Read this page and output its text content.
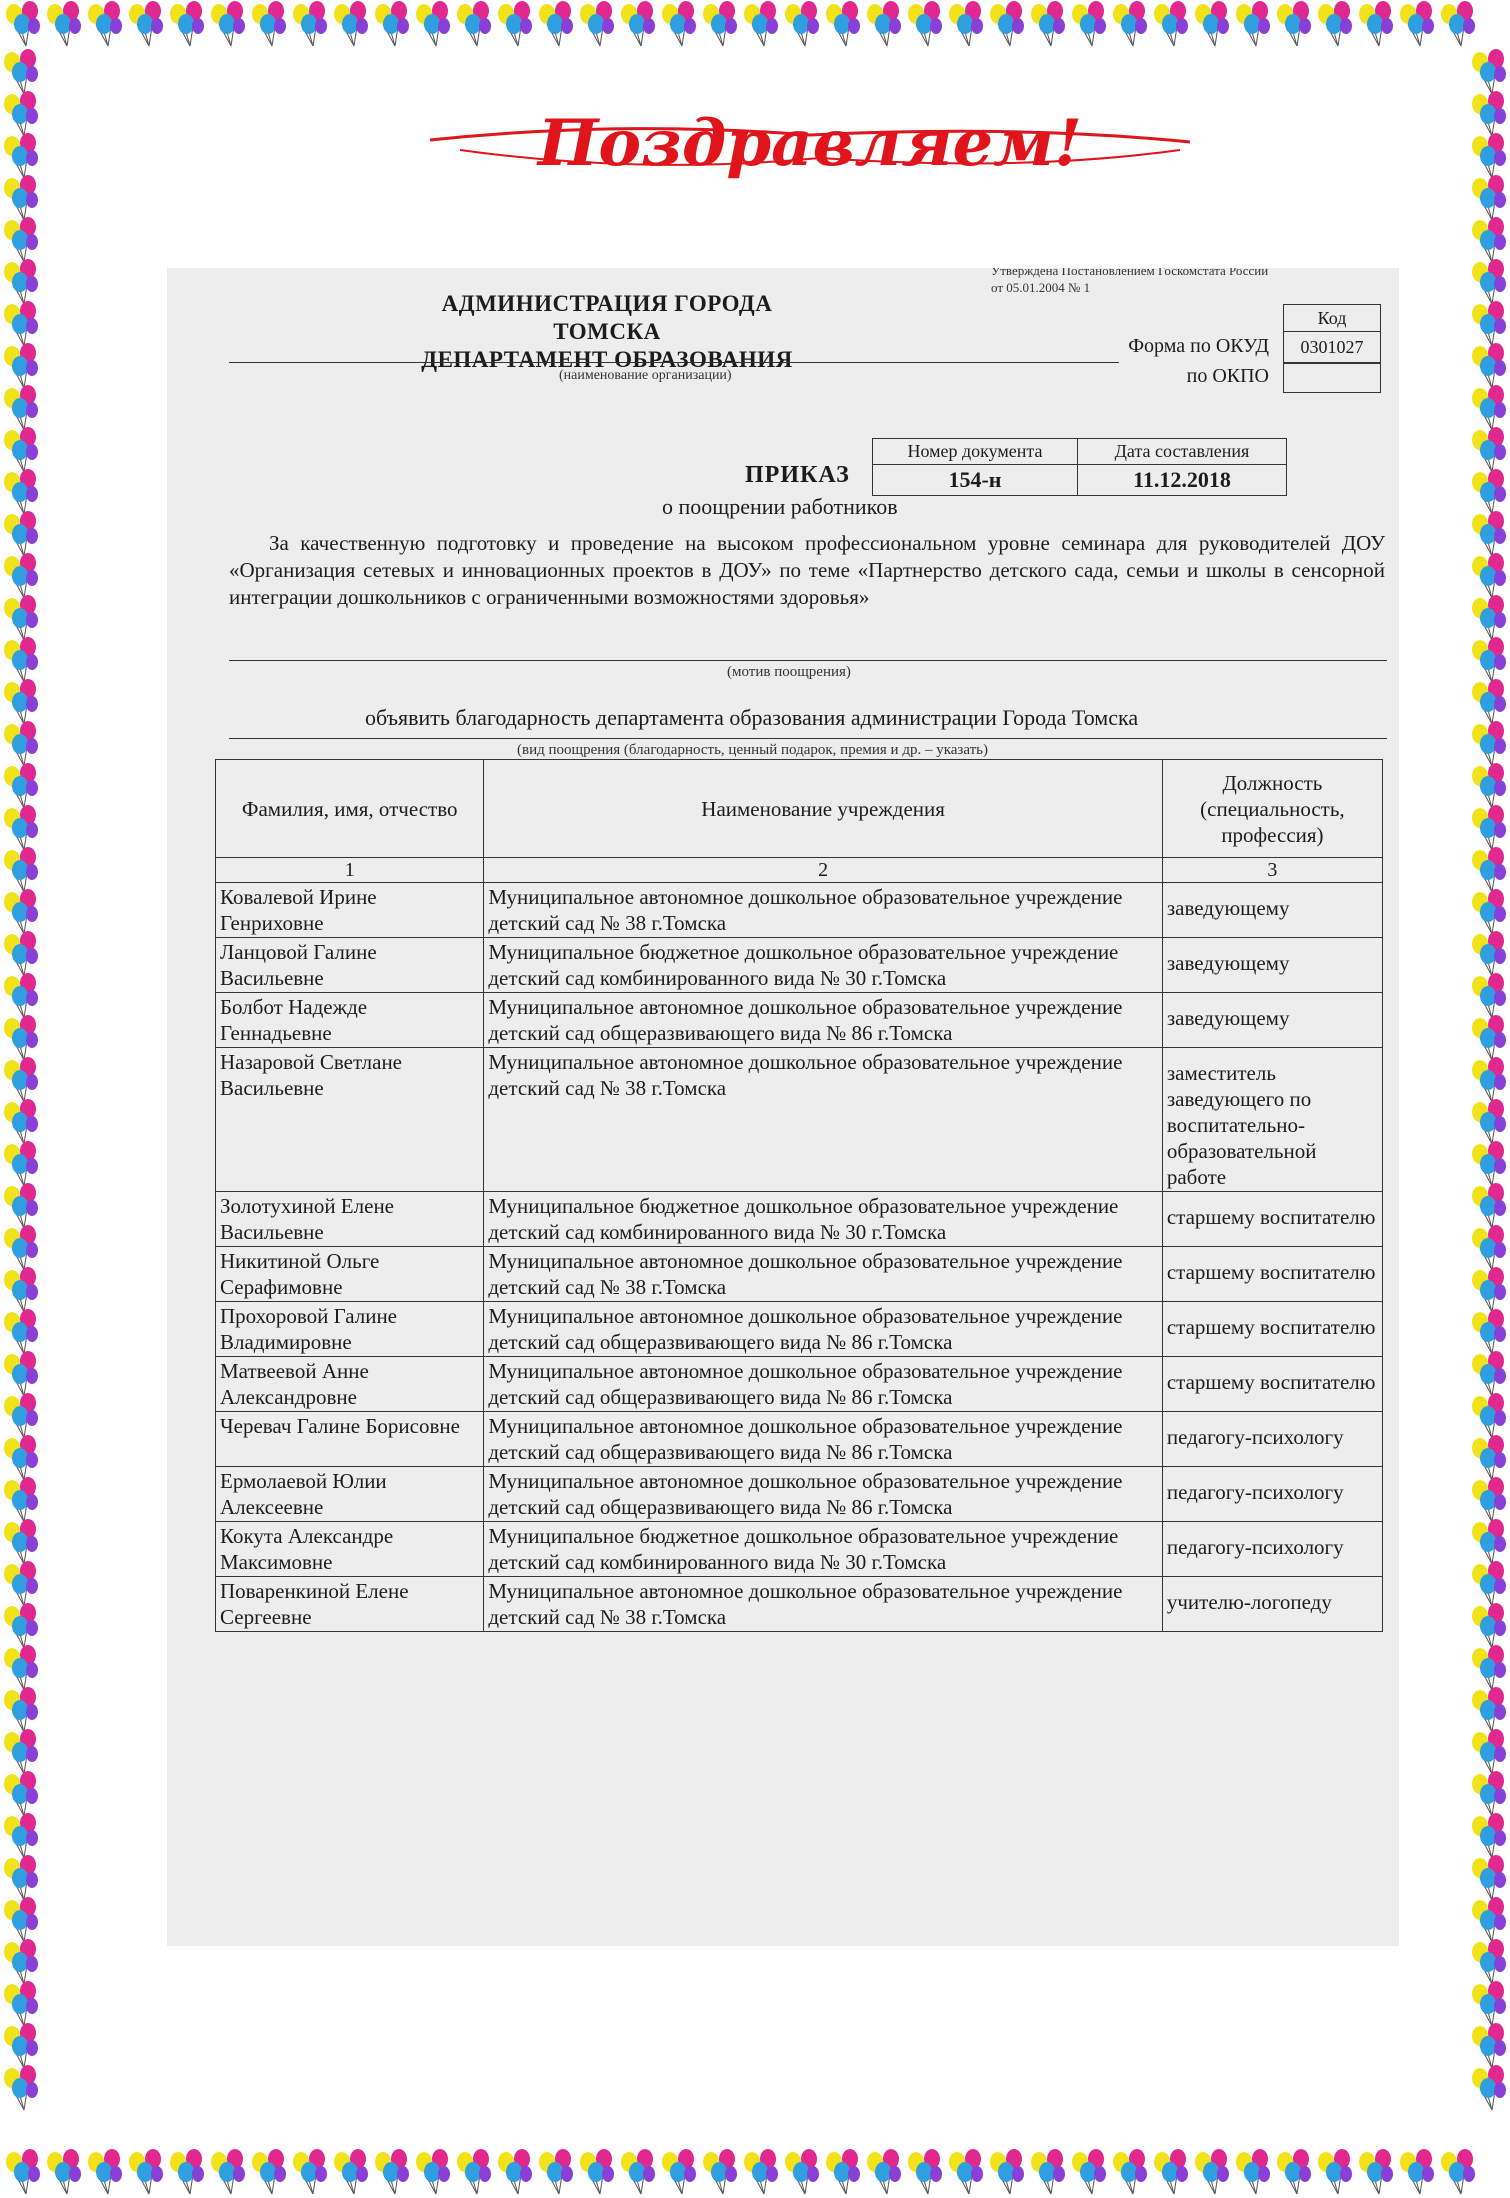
Поздравляем!
Утверждена Постановлением Госкомстата России
от 05.01.2004 № 1
АДМИНИСТРАЦИЯ ГОРОДА ТОМСКА
ДЕПАРТАМЕНТ ОБРАЗОВАНИЯ
(наименование организации)
Код
Форма по ОКУД	0301027
по ОКПО
ПРИКАЗ
Номер документа	Дата составления
154-н	11.12.2018
о поощрении работников
За качественную подготовку и проведение на высоком профессиональном уровне семинара для руководителей ДОУ «Организация сетевых и инновационных проектов в ДОУ» по теме «Партнерство детского сада, семьи и школы в сенсорной интеграции дошкольников с ограниченными возможностями здоровья»
(мотив поощрения)
объявить благодарность департамента образования администрации Города Томска
(вид поощрения (благодарность, ценный подарок, премия и др. – указать)
Фамилия, имя, отчество	Наименование учреждения	Должность (специальность, профессия)
1	2	3
Ковалевой Ирине Генриховне	Муниципальное автономное дошкольное образовательное учреждение детский сад № 38 г.Томска	заведующему
Ланцовой Галине Васильевне	Муниципальное бюджетное дошкольное образовательное учреждение детский сад комбинированного вида № 30 г.Томска	заведующему
Болбот Надежде Геннадьевне	Муниципальное автономное дошкольное образовательное учреждение детский сад общеразвивающего вида № 86 г.Томска	заведующему
Назаровой Светлане Васильевне	Муниципальное автономное дошкольное образовательное учреждение детский сад № 38 г.Томска	заместитель заведующего по воспитательно-образовательной работе
Золотухиной Елене Васильевне	Муниципальное бюджетное дошкольное образовательное учреждение детский сад комбинированного вида № 30 г.Томска	старшему воспитателю
Никитиной Ольге Серафимовне	Муниципальное автономное дошкольное образовательное учреждение детский сад № 38 г.Томска	старшему воспитателю
Прохоровой Галине Владимировне	Муниципальное автономное дошкольное образовательное учреждение детский сад общеразвивающего вида № 86 г.Томска	старшему воспитателю
Матвеевой Анне Александровне	Муниципальное автономное дошкольное образовательное учреждение детский сад общеразвивающего вида № 86 г.Томска	старшему воспитателю
Черевач Галине Борисовне	Муниципальное автономное дошкольное образовательное учреждение детский сад общеразвивающего вида № 86 г.Томска	педагогу-психологу
Ермолаевой Юлии Алексеевне	Муниципальное автономное дошкольное образовательное учреждение детский сад общеразвивающего вида № 86 г.Томска	педагогу-психологу
Кокута Александре Максимовне	Муниципальное бюджетное дошкольное образовательное учреждение детский сад комбинированного вида № 30 г.Томска	педагогу-психологу
Поваренкиной Елене Сергеевне	Муниципальное автономное дошкольное образовательное учреждение детский сад № 38 г.Томска	учителю-логопеду
